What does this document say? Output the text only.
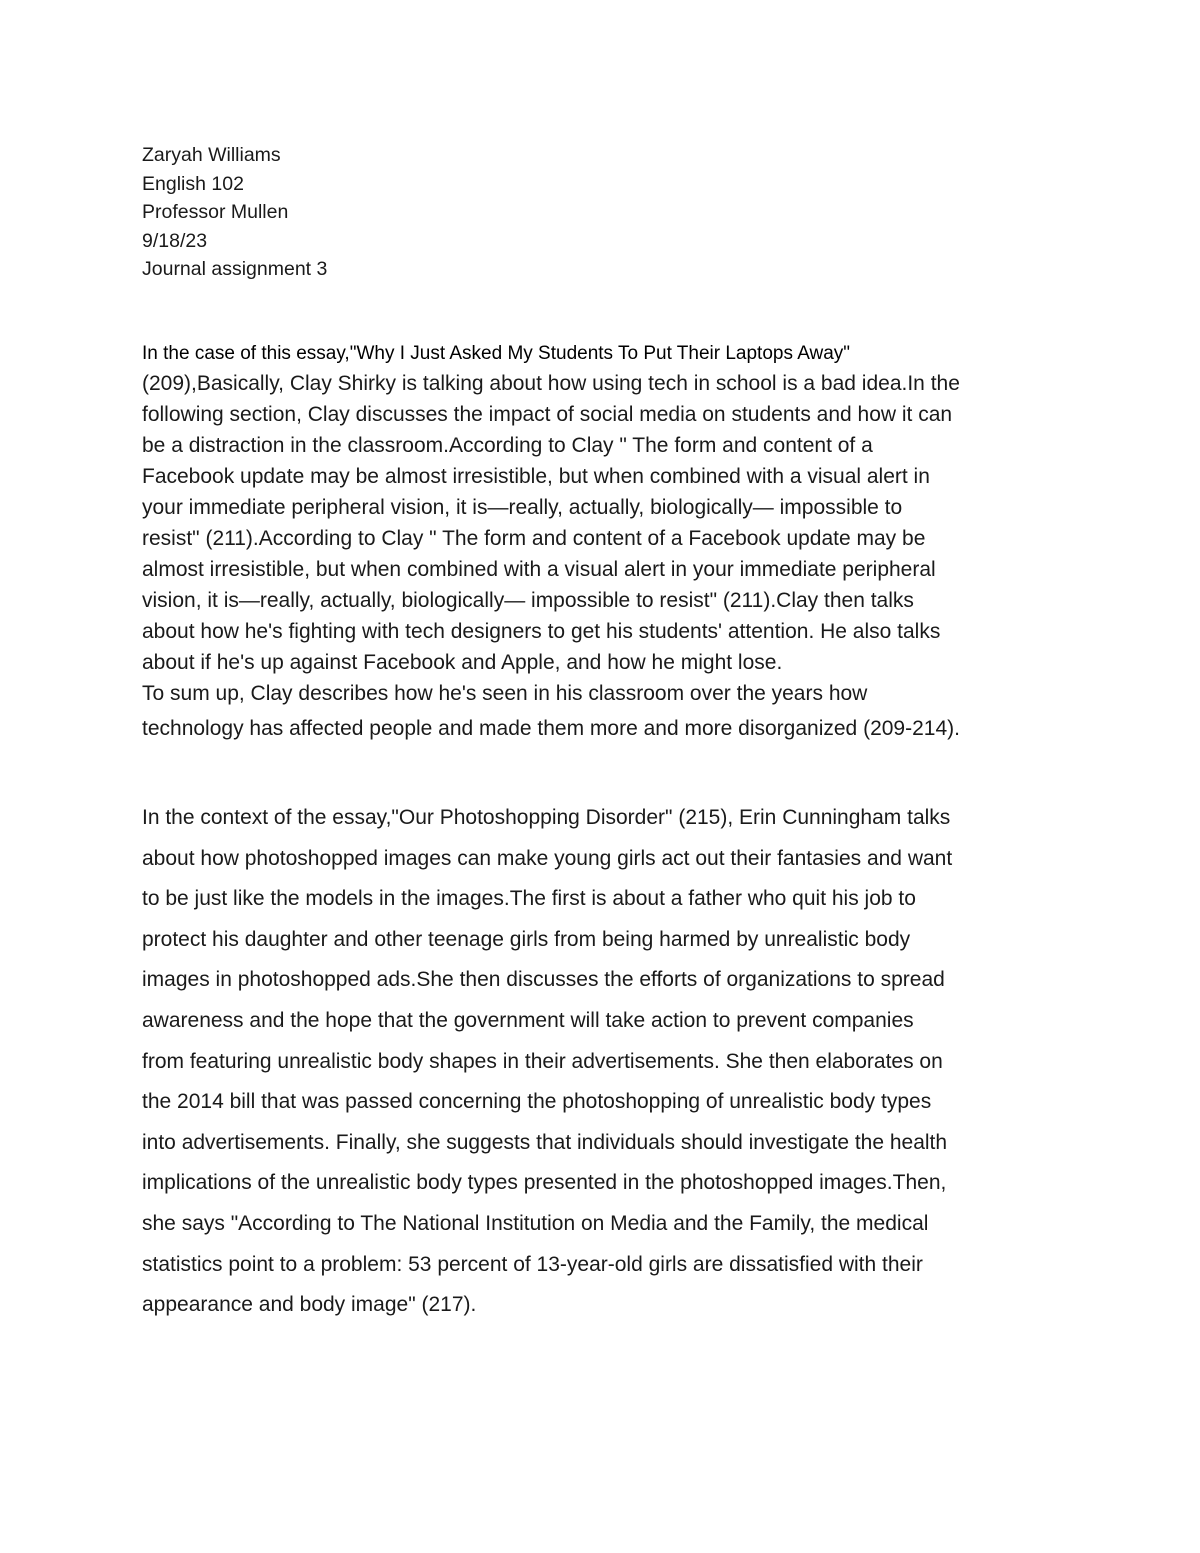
Zaryah Williams
English 102
Professor Mullen
9/18/23
Journal assignment 3
In the case of this essay,"Why I Just Asked My Students To Put Their Laptops Away"
(209),Basically, Clay Shirky is talking about how using tech in school is a bad idea.In the
following section, Clay discusses the impact of social media on students and how it can
be a distraction in the classroom.According to Clay " The form and content of a
Facebook update may be almost irresistible, but when combined with a visual alert in
your immediate peripheral vision, it is—really, actually, biologically— impossible to
resist" (211).According to Clay " The form and content of a Facebook update may be
almost irresistible, but when combined with a visual alert in your immediate peripheral
vision, it is—really, actually, biologically— impossible to resist" (211).Clay then talks
about how he's fighting with tech designers to get his students' attention. He also talks
about if he's up against Facebook and Apple, and how he might lose.
To sum up, Clay describes how he's seen in his classroom over the years how
technology has affected people and made them more and more disorganized (209-214).
In the context of the essay,"Our Photoshopping Disorder" (215), Erin Cunningham talks
about how photoshopped images can make young girls act out their fantasies and want
to be just like the models in the images.The first is about a father who quit his job to
protect his daughter and other teenage girls from being harmed by unrealistic body
images in photoshopped ads.She then discusses the efforts of organizations to spread
awareness and the hope that the government will take action to prevent companies
from featuring unrealistic body shapes in their advertisements. She then elaborates on
the 2014 bill that was passed concerning the photoshopping of unrealistic body types
into advertisements. Finally, she suggests that individuals should investigate the health
implications of the unrealistic body types presented in the photoshopped images.Then,
she says "According to The National Institution on Media and the Family, the medical
statistics point to a problem: 53 percent of 13-year-old girls are dissatisfied with their
appearance and body image" (217).
